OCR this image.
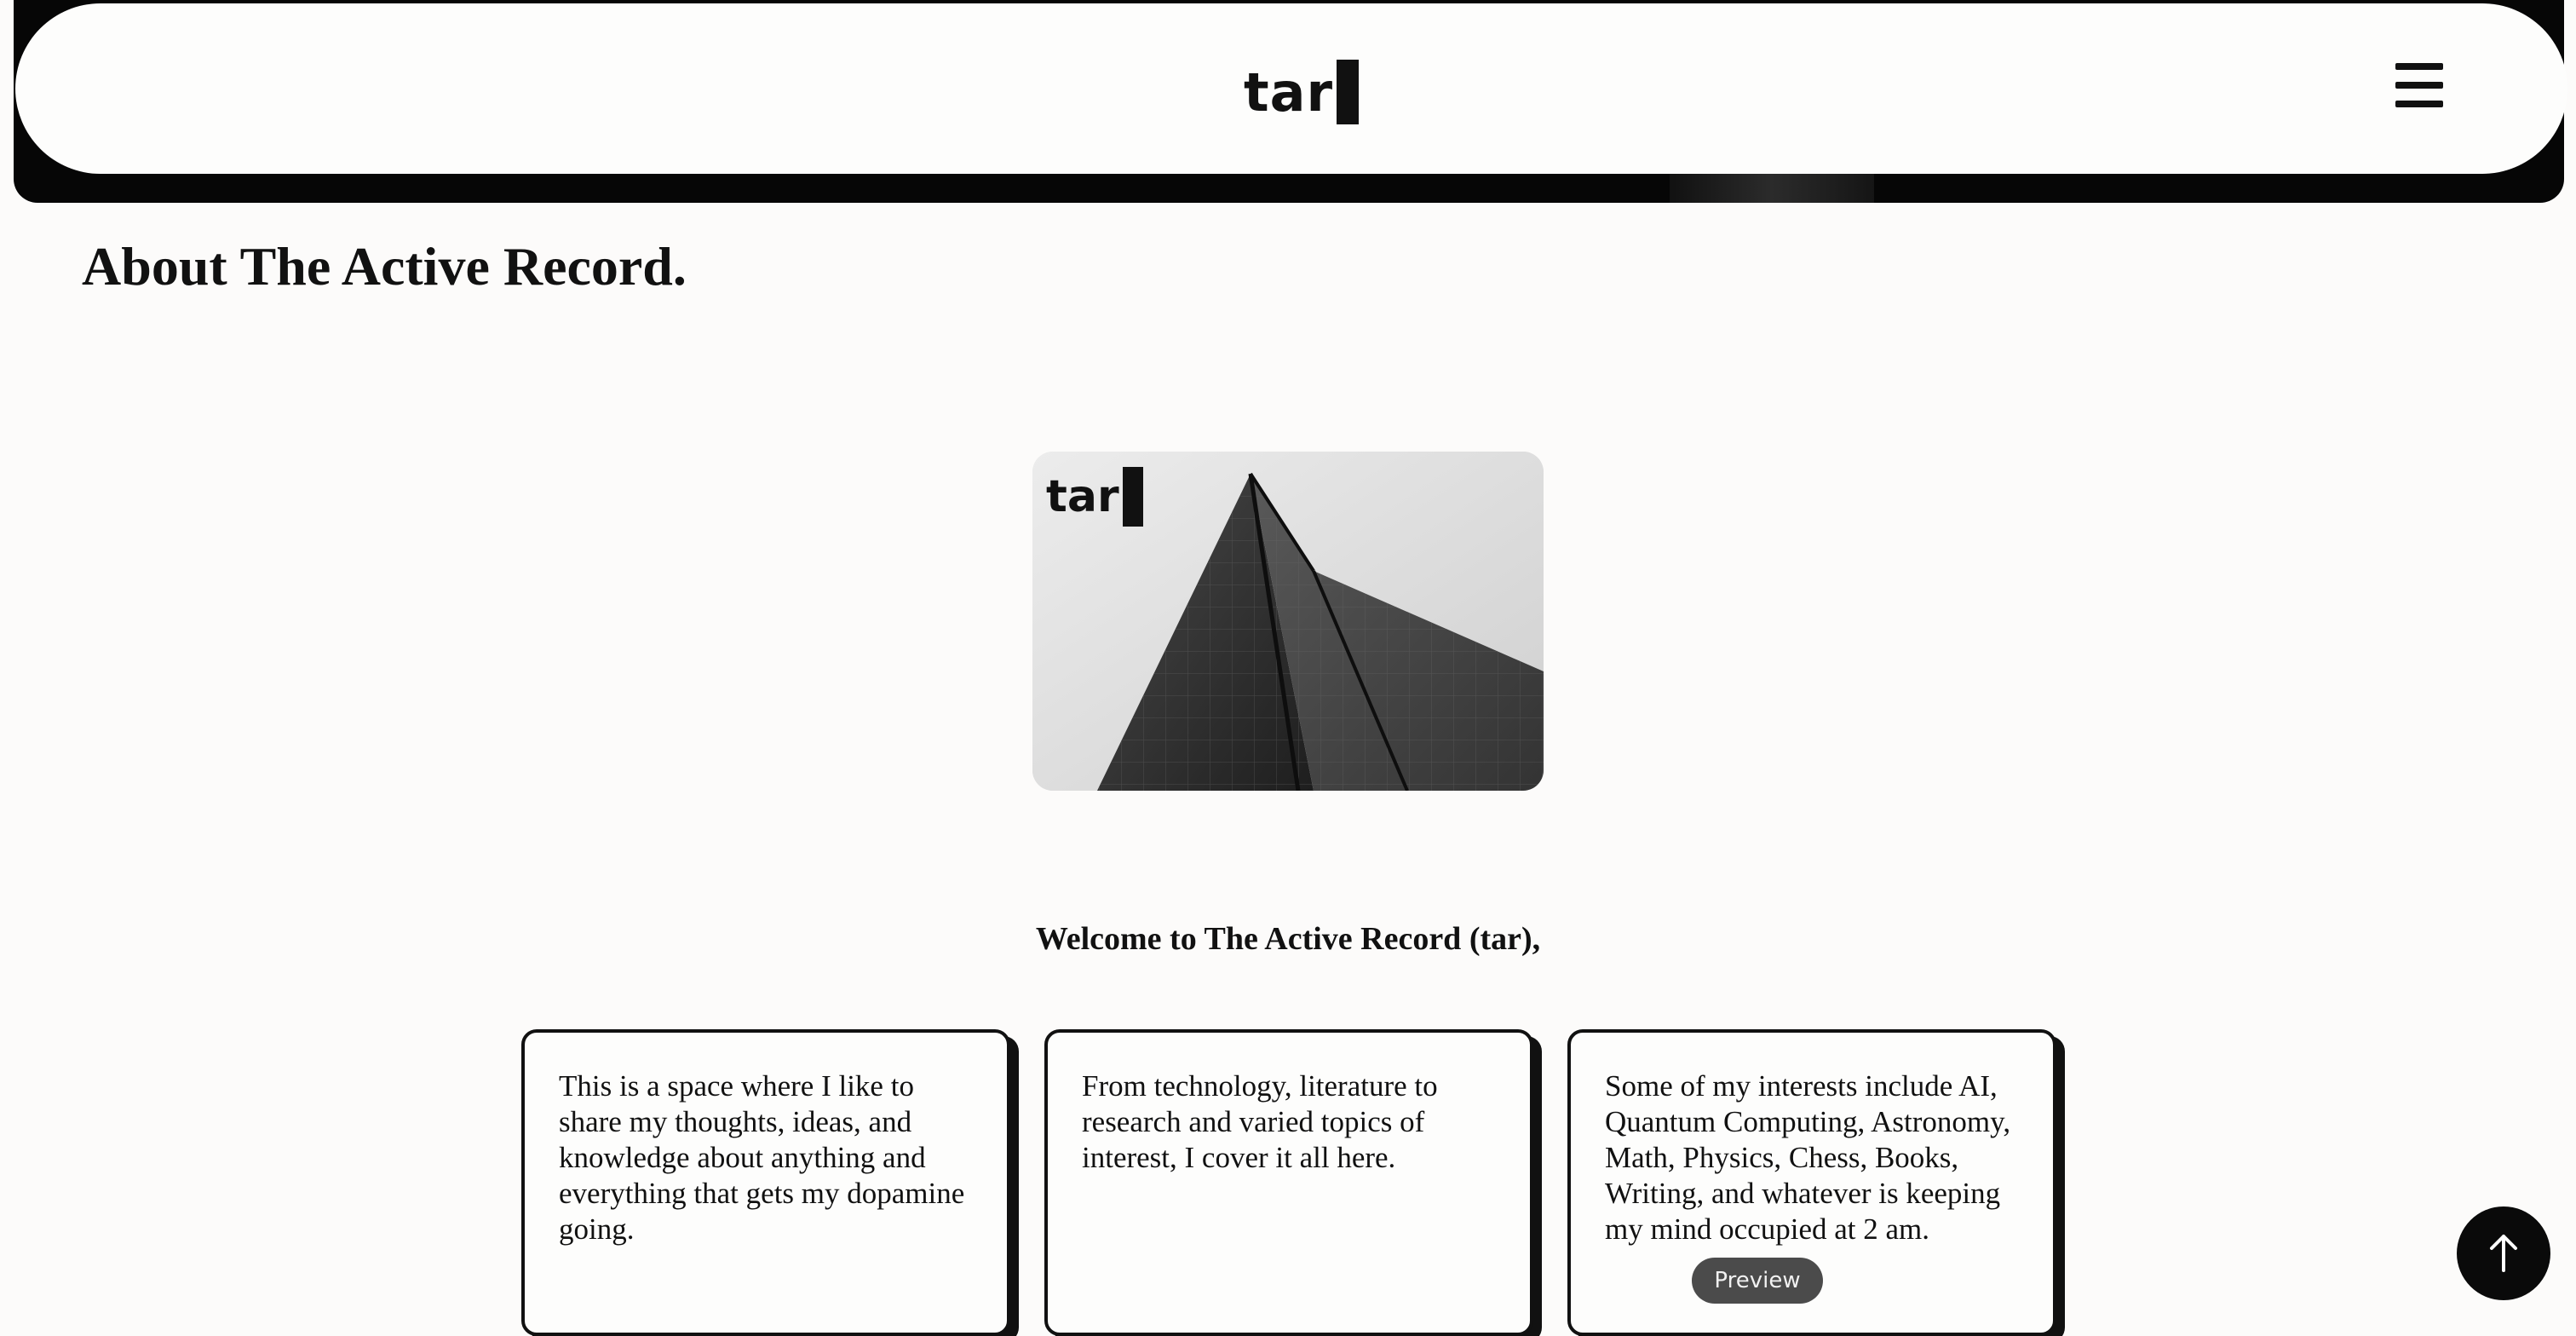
tar
About The Active Record.
tar
Welcome to The Active Record (tar),
This is a space where I like to share my thoughts, ideas, and knowledge about anything and everything that gets my dopamine going.
From technology, literature to research and varied topics of interest, I cover it all here.
Some of my interests include AI, Quantum Computing, Astronomy, Math, Physics, Chess, Books, Writing, and whatever is keeping my mind occupied at 2 am.
Preview
